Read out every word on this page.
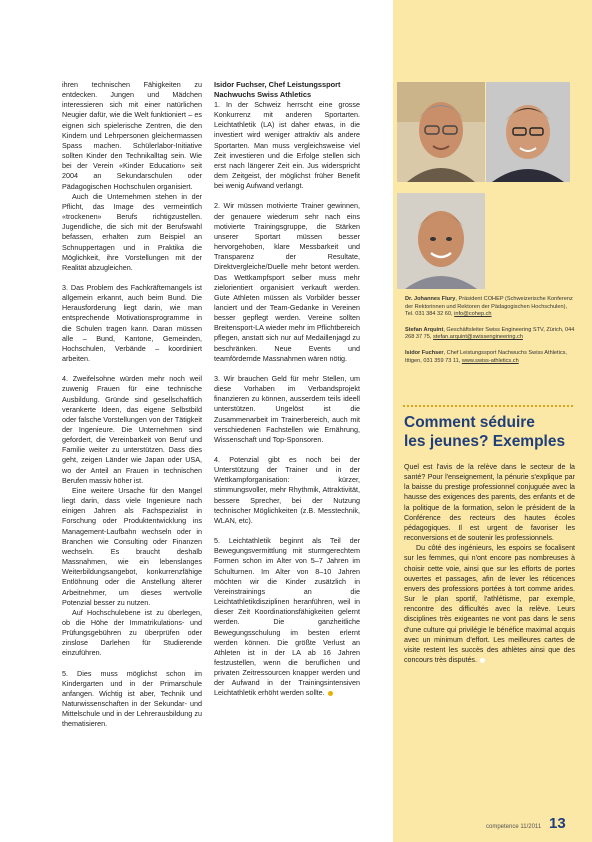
ihren technischen Fähigkeiten zu entdecken. Jungen und Mädchen interessieren sich mit einer natürlichen Neugier dafür, wie die Welt funktioniert – es eignen sich spielerische Zentren, die den Kindern und Lehrpersonen gleichermassen Spass machen. Schülerlabor-Initiative sollten Kinder den Technikalltag sein. Wie bei der Verein «Kinder Education» seit 2004 an Sekundarschulen oder Pädagogischen Hochschulen organisiert.

Auch die Unternehmen stehen in der Pflicht, das Image des vermeintlich «trockenen» Berufs richtigzustellen. Jugendliche, die sich mit der Berufswahl befassen, erhalten zum Beispiel an Schnuppertagen und in Praktika die Möglichkeit, ihre Vorstellungen mit der Realität abzugleichen.

3. Das Problem des Fachkräftemangels ist allgemein erkannt, auch beim Bund. Die Herausforderung liegt darin, wie man entsprechende Motivationsprogramme in die Schulen tragen kann. Daran müssen alle – Bund, Kantone, Gemeinden, Hochschulen, Verbände – koordiniert arbeiten.

4. Zweifelsohne würden mehr noch weil zuwenig Frauen für eine technische Ausbildung. Gründe sind gesellschaftlich verankerte Ideen, das eigene Selbstbild oder falsche Vorstellungen von der Tätigkeit der Ingenieure. Die Unternehmen sind gefordert, die Vereinbarkeit von Beruf und Familie weiter zu unterstützen. Dass dies geht, zeigen Länder wie Japan oder USA, wo der Anteil an Frauen in technischen Berufen massiv höher ist.

Eine weitere Ursache für den Mangel liegt darin, dass viele Ingenieure nach einigen Jahren als Fachspezialist in Forschung oder Produktentwicklung ins Management-Laufbahn wechseln oder in Branchen wie Consulting oder Finanzen wechseln. Es braucht deshalb Massnahmen, wie ein lebenslanges Weiterbildungsangebot, konkurrenzfähige Entlöhnung oder die Anstellung älterer Arbeitnehmer, um dieses wertvolle Potenzial besser zu nutzen.

Auf Hochschulebene ist zu überlegen, ob die Höhe der Immatrikulations- und Prüfungsgebühren zu überprüfen oder zinslose Darlehen für Studierende einzuführen.

5. Dies muss möglichst schon im Kindergarten und in der Primarschule anfangen. Wichtig ist aber, Technik und Naturwissenschaften in der Sekundar- und Mittelschule und in der Lehrerausbildung zu thematisieren.

Isidor Fuchser, Chef Leistungssport
Nachwuchs Swiss Athletics

1. In der Schweiz herrscht eine grosse Konkurrenz mit anderen Sportarten. Leichtathletik (LA) ist daher etwas, in die investiert wird weniger attraktiv als andere Sportarten. Man muss vergleichsweise viel Zeit investieren und die Erfolge stellen sich erst nach längerer Zeit ein. Jus widerspricht dem Zeitgeist, der möglichst früher Benefit bei wenig Aufwand verlangt.

2. Wir müssen motivierte Trainer gewinnen, der genauere wiederum sehr nach eins motivierte Trainingsgruppe, die Stärken unserer Sportart müssen besser hervorgehoben, klare Messbarkeit und Transparenz der Resultate, Direktvergleiche/Duelle mehr betont werden. Das Wettkampfsport selber muss mehr zielorientiert organisiert verkauft werden. Gute Athleten müssen als Vorbilder besser lanciert und der Team-Gedanke in Vereinen besser gepflegt werden. Vereine sollten Breitensport-LA wieder mehr im Pflichtbereich pflegen, anstatt sich nur auf Medaillenjagd zu beschränken. Neue Events und teamfördernde Massnahmen wären nötig.

3. Wir brauchen Geld für mehr Stellen, um diese Vorhaben im Verbandsprojekt finanzieren zu können, ausserdem teils ideell unterstützen. Ungelöst ist die Zusammenarbeit im Trainerbereich, auch mit verschiedenen Fachstellen wie Ernährung, Wissenschaft und Top-Sponsoren.

4. Potenzial gibt es noch bei der Unterstützung der Trainer und in der Wettkampforganisation: kürzer, stimmungsvoller, mehr Rhythmik, Attraktivität, bessere Sprecher, bei der Nutzung technischer Möglichkeiten (z.B. Messtechnik, WLAN, etc).

5. Leichtathletik beginnt als Teil der Bewegungsvermittlung mit sturmgerechtem Formen schon im Alter von 5–7 Jahren im Schulturnen. Im Alter von 8–10 Jahren möchten wir die Kinder zusätzlich in Vereinstrainings an die Leichtathletikdisziplinen heranführen, weil in dieser Zeit Koordinationsfähigkeiten gelernt werden. Die ganzheitliche Bewegungsschulung im besten erlernt werden können. Die größte Verlust an Athleten ist in der LA ab 16 Jahren festzustellen, wenn die beruflichen und privaten Zeitressourcen knapper werden und der Aufwand in der Trainingsintensiven Leichtathletik erhöht werden sollte.

Dr. Johannes Flury, Präsident COHEP (Schweizerische Konferenz der Rektorinnen und Rektoren der Pädagogischen Hochschulen), Tel. 031 384 32 60, info@cohep.ch

Stefan Arquint, Geschäftsleiter Swiss Engineering STV, Zürich, 044 268 37 75, stefan.arquint@swissengineering.ch

Isidor Fuchser, Chef Leistungssport Nachwuchs Swiss Athletics, Ittigen, 031 359 73 11, www.swiss-athletics.ch

Comment séduire
les jeunes? Exemples

Quel est l'avis de la relève dans le secteur de la santé? Pour l'enseignement, la pénurie s'explique par la baisse du prestige professionnel conjuguée avec la hausse des exigences des parents, des enfants et de la politique de la formation, selon le président de la Conférence des recteurs des hautes écoles pédagogiques. Il est urgent de favoriser les reconversions et de soutenir les professionnels.

Du côté des ingénieurs, les espoirs se focalisent sur les femmes, qui n'ont encore pas nombreuses à choisir cette voie, ainsi que sur les efforts de portes ouvertes et passages, afin de lever les réticences envers des professions portées à tort comme arides. Sur le plan sportif, l'athlétisme, par exemple, rencontre des difficultés avec la relève. Leurs disciplines très exigeantes ne vont pas dans le sens d'une culture qui privilégie le bénéfice maximal acquis avec un minimum d'effort. Les meilleures cartes de visite restent les succès des athlètes ainsi que des concours très disputés.

competence 11/2011 13
